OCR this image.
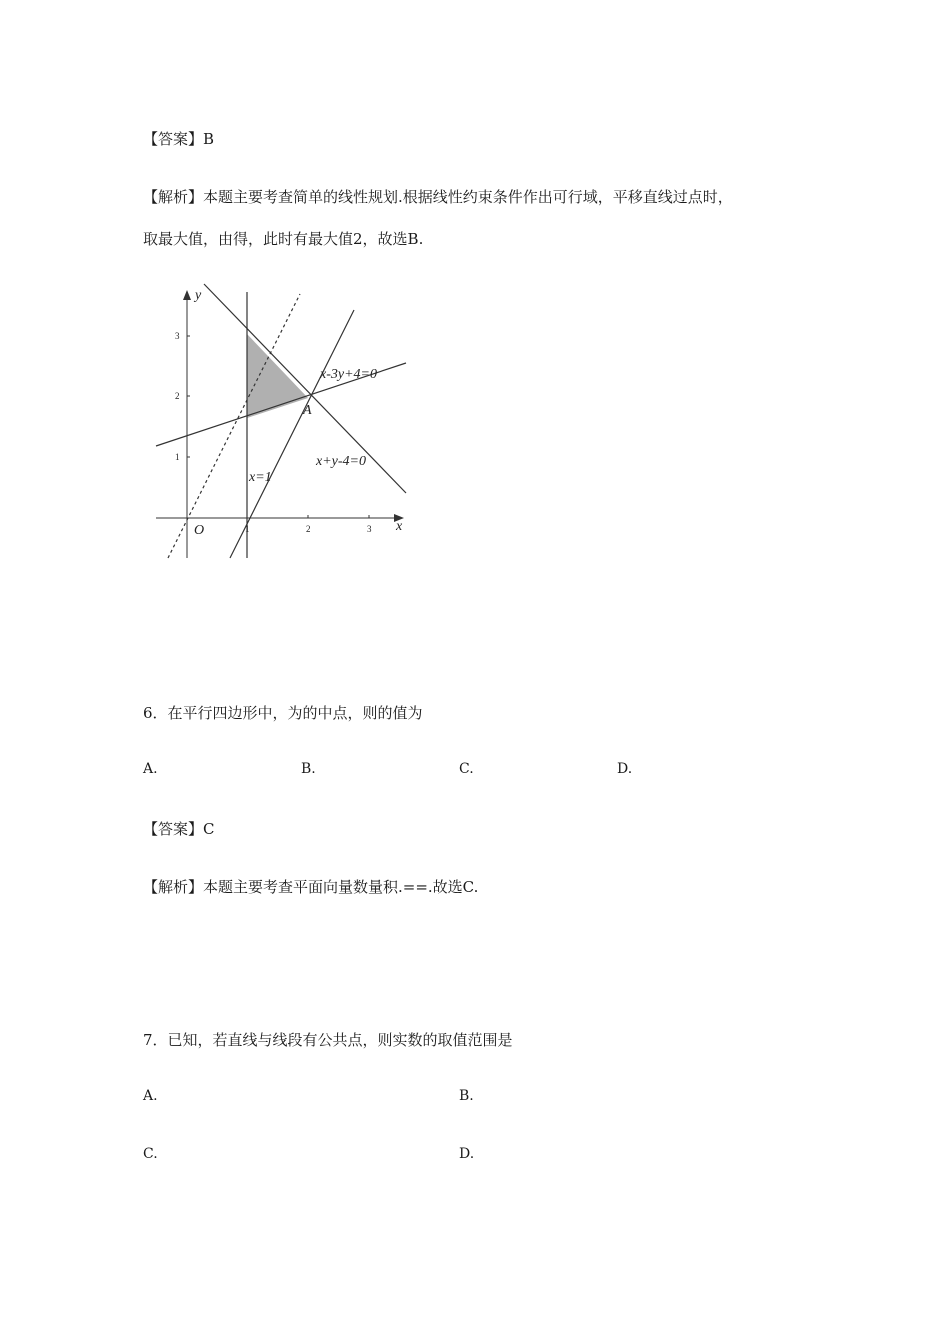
【答案】B
【解析】本题主要考查简单的线性规划.根据线性约束条件作出可行域，平移直线过点时，
取最大值，由得，此时有最大值2，故选B.
1	2	3
1
2
3
x
y
O
x-3y+4=0
x+y-4=0
x=1
A
6．在平行四边形中，为的中点，则的值为
A.	B.	C.	D.
【答案】C
【解析】本题主要考查平面向量数量积.==.故选C.
7．已知，若直线与线段有公共点，则实数的取值范围是
A.	B.
C.	D.
